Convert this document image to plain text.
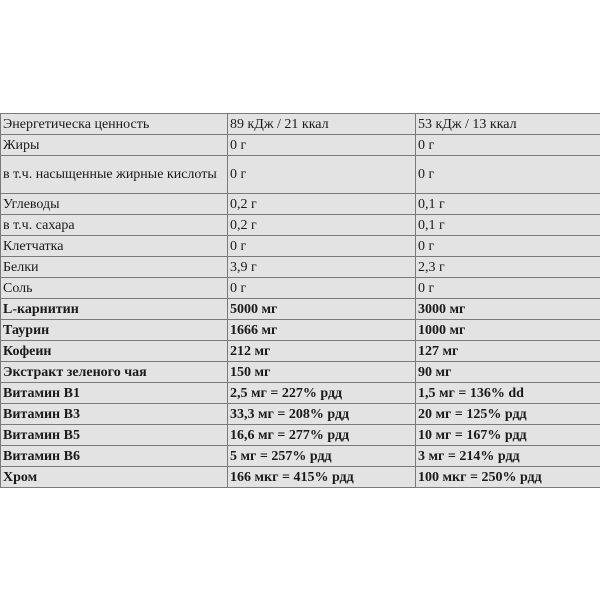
Энергетическа ценность	89 кДж / 21 ккал	53 кДж / 13 ккал
Жиры	0 г	0 г
в т.ч. насыщенные жирные кислоты	0 г	0 г
Углеводы	0,2 г	0,1 г
в т.ч. сахара	0,2 г	0,1 г
Клетчатка	0 г	0 г
Белки	3,9 г	2,3 г
Соль	0 г	0 г
L-карнитин	5000 мг	3000 мг
Таурин	1666 мг	1000 мг
Кофеин	212 мг	127 мг
Экстракт зеленого чая	150 мг	90 мг
Витамин B1	2,5 мг = 227% рдд	1,5 мг = 136% dd
Витамин B3	33,3 мг = 208% рдд	20 мг = 125% рдд
Витамин B5	16,6 мг = 277% рдд	10 мг = 167% рдд
Витамин B6	5 мг = 257% рдд	3 мг = 214% рдд
Хром	166 мкг = 415% рдд	100 мкг = 250% рдд
